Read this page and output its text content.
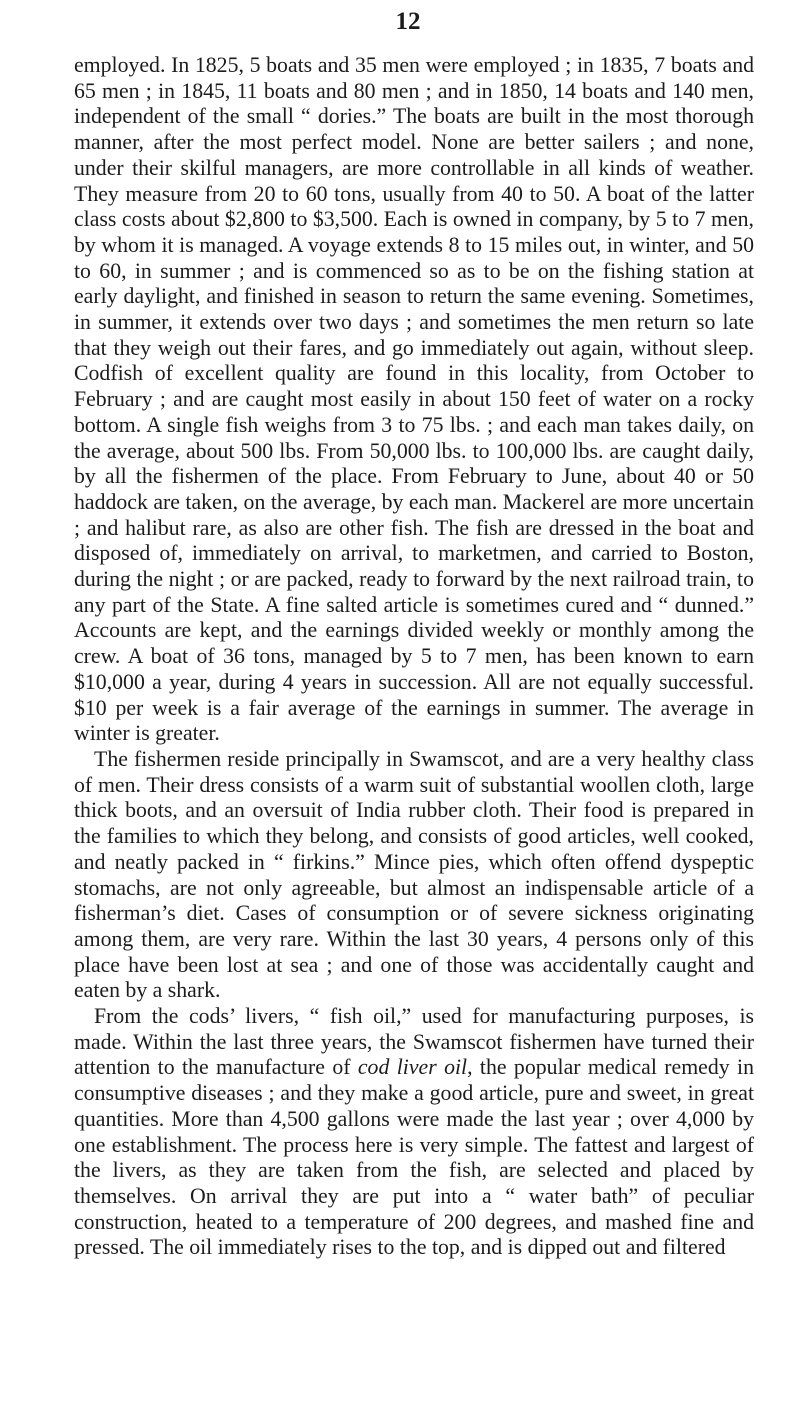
12

employed. In 1825, 5 boats and 35 men were employed ; in 1835, 7 boats and 65 men ; in 1845, 11 boats and 80 men ; and in 1850, 14 boats and 140 men, independent of the small “ dories.” The boats are built in the most thorough manner, after the most perfect model. None are better sailers ; and none, under their skilful managers, are more controllable in all kinds of weather. They measure from 20 to 60 tons, usually from 40 to 50. A boat of the latter class costs about $2,800 to $3,500. Each is owned in company, by 5 to 7 men, by whom it is managed. A voyage extends 8 to 15 miles out, in winter, and 50 to 60, in summer ; and is commenced so as to be on the fishing station at early daylight, and finished in season to return the same evening. Sometimes, in summer, it extends over two days ; and sometimes the men return so late that they weigh out their fares, and go immediately out again, without sleep. Codfish of excellent quality are found in this locality, from October to February ; and are caught most easily in about 150 feet of water on a rocky bottom. A single fish weighs from 3 to 75 lbs. ; and each man takes daily, on the average, about 500 lbs. From 50,000 lbs. to 100,000 lbs. are caught daily, by all the fishermen of the place. From February to June, about 40 or 50 haddock are taken, on the average, by each man. Mackerel are more uncertain ; and halibut rare, as also are other fish. The fish are dressed in the boat and disposed of, immediately on arrival, to marketmen, and carried to Boston, during the night ; or are packed, ready to forward by the next railroad train, to any part of the State. A fine salted article is sometimes cured and “ dunned.” Accounts are kept, and the earnings divided weekly or monthly among the crew. A boat of 36 tons, managed by 5 to 7 men, has been known to earn $10,000 a year, during 4 years in succession. All are not equally successful. $10 per week is a fair average of the earnings in summer. The average in winter is greater.

The fishermen reside principally in Swamscot, and are a very healthy class of men. Their dress consists of a warm suit of substantial woollen cloth, large thick boots, and an oversuit of India rubber cloth. Their food is prepared in the families to which they belong, and consists of good articles, well cooked, and neatly packed in “ firkins.” Mince pies, which often offend dyspeptic stomachs, are not only agreeable, but almost an indispensable article of a fisherman’s diet. Cases of consumption or of severe sickness originating among them, are very rare. Within the last 30 years, 4 persons only of this place have been lost at sea ; and one of those was accidentally caught and eaten by a shark.

From the cods’ livers, “ fish oil,” used for manufacturing purposes, is made. Within the last three years, the Swamscot fishermen have turned their attention to the manufacture of cod liver oil, the popular medical remedy in consumptive diseases ; and they make a good article, pure and sweet, in great quantities. More than 4,500 gallons were made the last year ; over 4,000 by one establishment. The process here is very simple. The fattest and largest of the livers, as they are taken from the fish, are selected and placed by themselves. On arrival they are put into a “ water bath” of peculiar construction, heated to a temperature of 200 degrees, and mashed fine and pressed. The oil immediately rises to the top, and is dipped out and filtered
